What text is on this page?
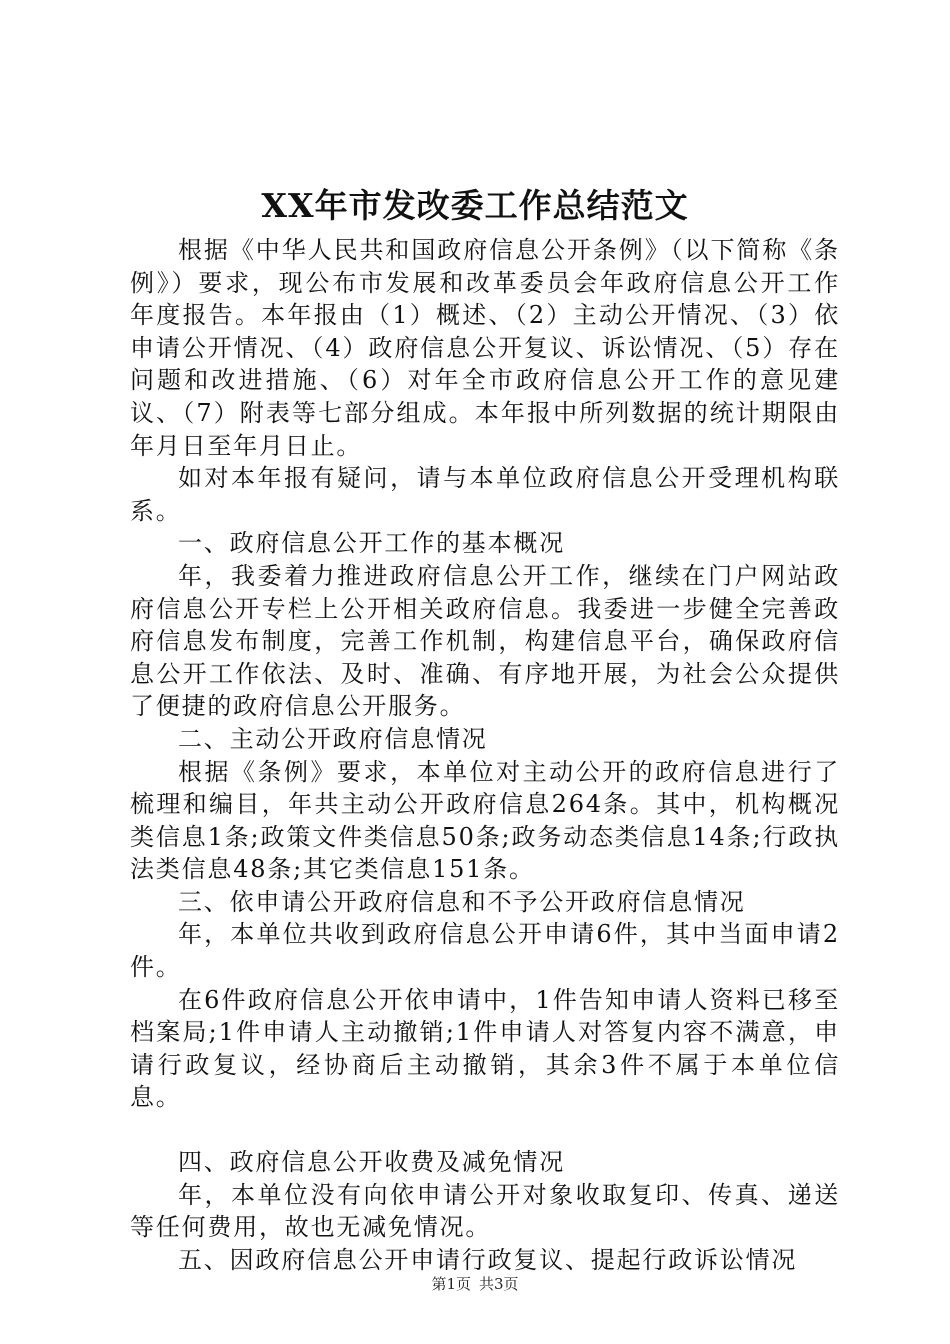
XX年市发改委工作总结范文

根据《中华人民共和国政府信息公开条例》（以下简称《条例》）要求，现公布市发展和改革委员会年政府信息公开工作年度报告。本年报由（1）概述、（2）主动公开情况、（3）依申请公开情况、（4）政府信息公开复议、诉讼情况、（5）存在问题和改进措施、（6）对年全市政府信息公开工作的意见建议、（7）附表等七部分组成。本年报中所列数据的统计期限由年月日至年月日止。

如对本年报有疑问，请与本单位政府信息公开受理机构联系。

一、政府信息公开工作的基本概况

年，我委着力推进政府信息公开工作，继续在门户网站政府信息公开专栏上公开相关政府信息。我委进一步健全完善政府信息发布制度，完善工作机制，构建信息平台，确保政府信息公开工作依法、及时、准确、有序地开展，为社会公众提供了便捷的政府信息公开服务。

二、主动公开政府信息情况

根据《条例》要求，本单位对主动公开的政府信息进行了梳理和编目，年共主动公开政府信息264条。其中，机构概况类信息1条;政策文件类信息50条;政务动态类信息14条;行政执法类信息48条;其它类信息151条。

三、依申请公开政府信息和不予公开政府信息情况

年，本单位共收到政府信息公开申请6件，其中当面申请2件。

在6件政府信息公开依申请中，1件告知申请人资料已移至档案局;1件申请人主动撤销;1件申请人对答复内容不满意，申请行政复议，经协商后主动撤销，其余3件不属于本单位信息。

四、政府信息公开收费及减免情况

年，本单位没有向依申请公开对象收取复印、传真、递送等任何费用，故也无减免情况。

五、因政府信息公开申请行政复议、提起行政诉讼情况

第1页 共3页
